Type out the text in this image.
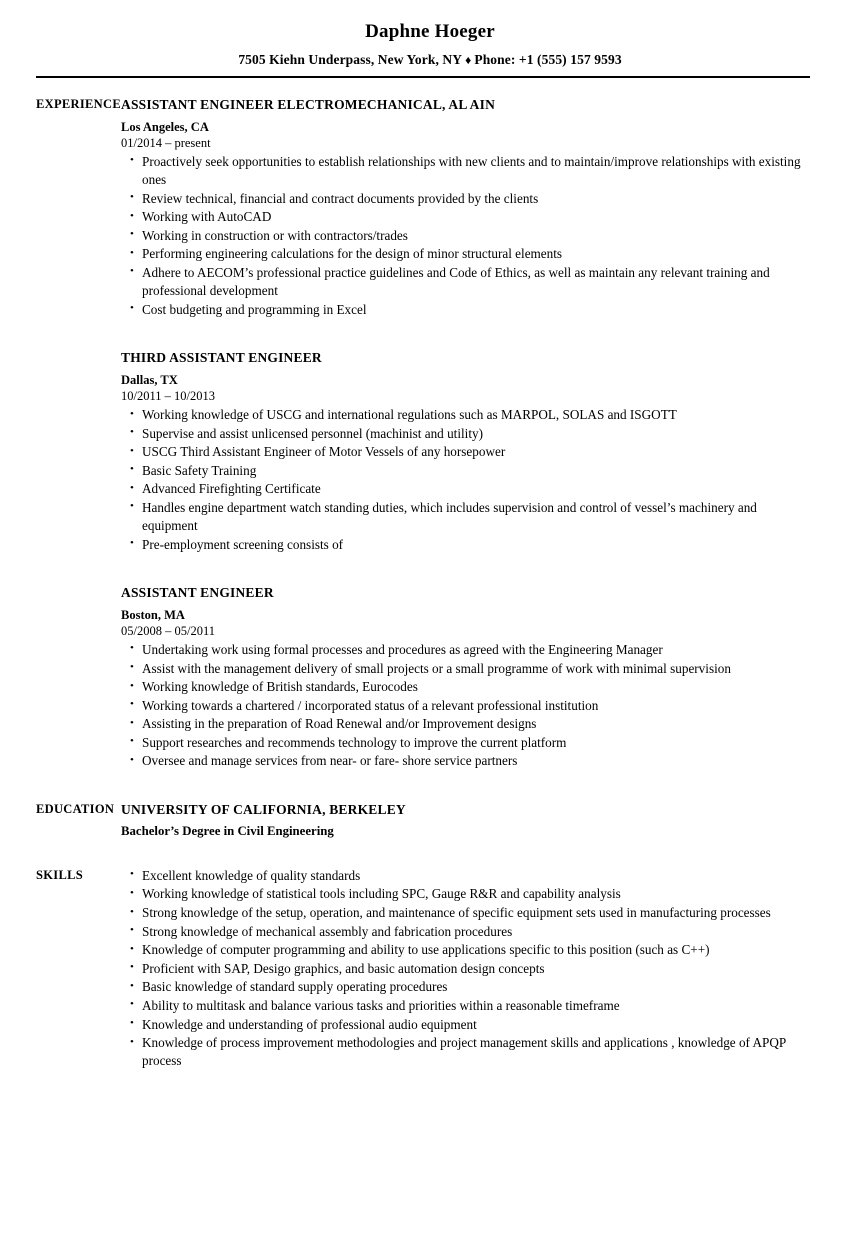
Daphne Hoeger
7505 Kiehn Underpass, New York, NY ♦ Phone: +1 (555) 157 9593
EXPERIENCE ASSISTANT ENGINEER ELECTROMECHANICAL, AL AIN
Los Angeles, CA
01/2014 – present
• Proactively seek opportunities to establish relationships with new clients and to maintain/improve relationships with existing ones
• Review technical, financial and contract documents provided by the clients
• Working with AutoCAD
• Working in construction or with contractors/trades
• Performing engineering calculations for the design of minor structural elements
• Adhere to AECOM’s professional practice guidelines and Code of Ethics, as well as maintain any relevant training and professional development
• Cost budgeting and programming in Excel
THIRD ASSISTANT ENGINEER
Dallas, TX
10/2011 – 10/2013
• Working knowledge of USCG and international regulations such as MARPOL, SOLAS and ISGOTT
• Supervise and assist unlicensed personnel (machinist and utility)
• USCG Third Assistant Engineer of Motor Vessels of any horsepower
• Basic Safety Training
• Advanced Firefighting Certificate
• Handles engine department watch standing duties, which includes supervision and control of vessel’s machinery and equipment
• Pre-employment screening consists of
ASSISTANT ENGINEER
Boston, MA
05/2008 – 05/2011
• Undertaking work using formal processes and procedures as agreed with the Engineering Manager
• Assist with the management delivery of small projects or a small programme of work with minimal supervision
• Working knowledge of British standards, Eurocodes
• Working towards a chartered / incorporated status of a relevant professional institution
• Assisting in the preparation of Road Renewal and/or Improvement designs
• Support researches and recommends technology to improve the current platform
• Oversee and manage services from near- or fare- shore service partners
EDUCATION UNIVERSITY OF CALIFORNIA, BERKELEY
Bachelor’s Degree in Civil Engineering
SKILLS	• Excellent knowledge of quality standards
• Working knowledge of statistical tools including SPC, Gauge R&R and capability analysis
• Strong knowledge of the setup, operation, and maintenance of specific equipment sets used in manufacturing processes
• Strong knowledge of mechanical assembly and fabrication procedures
• Knowledge of computer programming and ability to use applications specific to this position (such as C++)
• Proficient with SAP, Desigo graphics, and basic automation design concepts
• Basic knowledge of standard supply operating procedures
• Ability to multitask and balance various tasks and priorities within a reasonable timeframe
• Knowledge and understanding of professional audio equipment
• Knowledge of process improvement methodologies and project management skills and applications , knowledge of APQP process
